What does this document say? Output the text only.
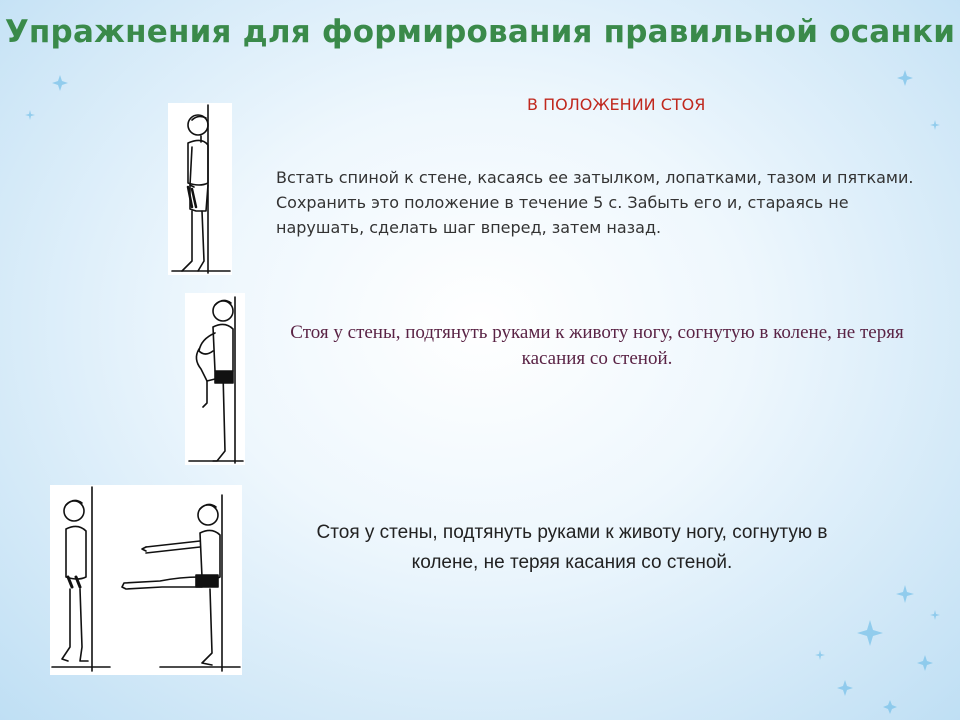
Упражнения для формирования правильной осанки
В ПОЛОЖЕНИИ СТОЯ
Встать спиной к стене, касаясь ее затылком, лопатками, тазом и пятками. Сохранить это положение в течение 5 с. Забыть его и, стараясь не нарушать, сделать шаг вперед, затем назад.
Стоя у стены, подтянуть руками к животу ногу, согнутую в колене, не теряя касания со стеной.
Стоя у стены, подтянуть руками к животу ногу, согнутую в колене, не теряя касания со стеной.
